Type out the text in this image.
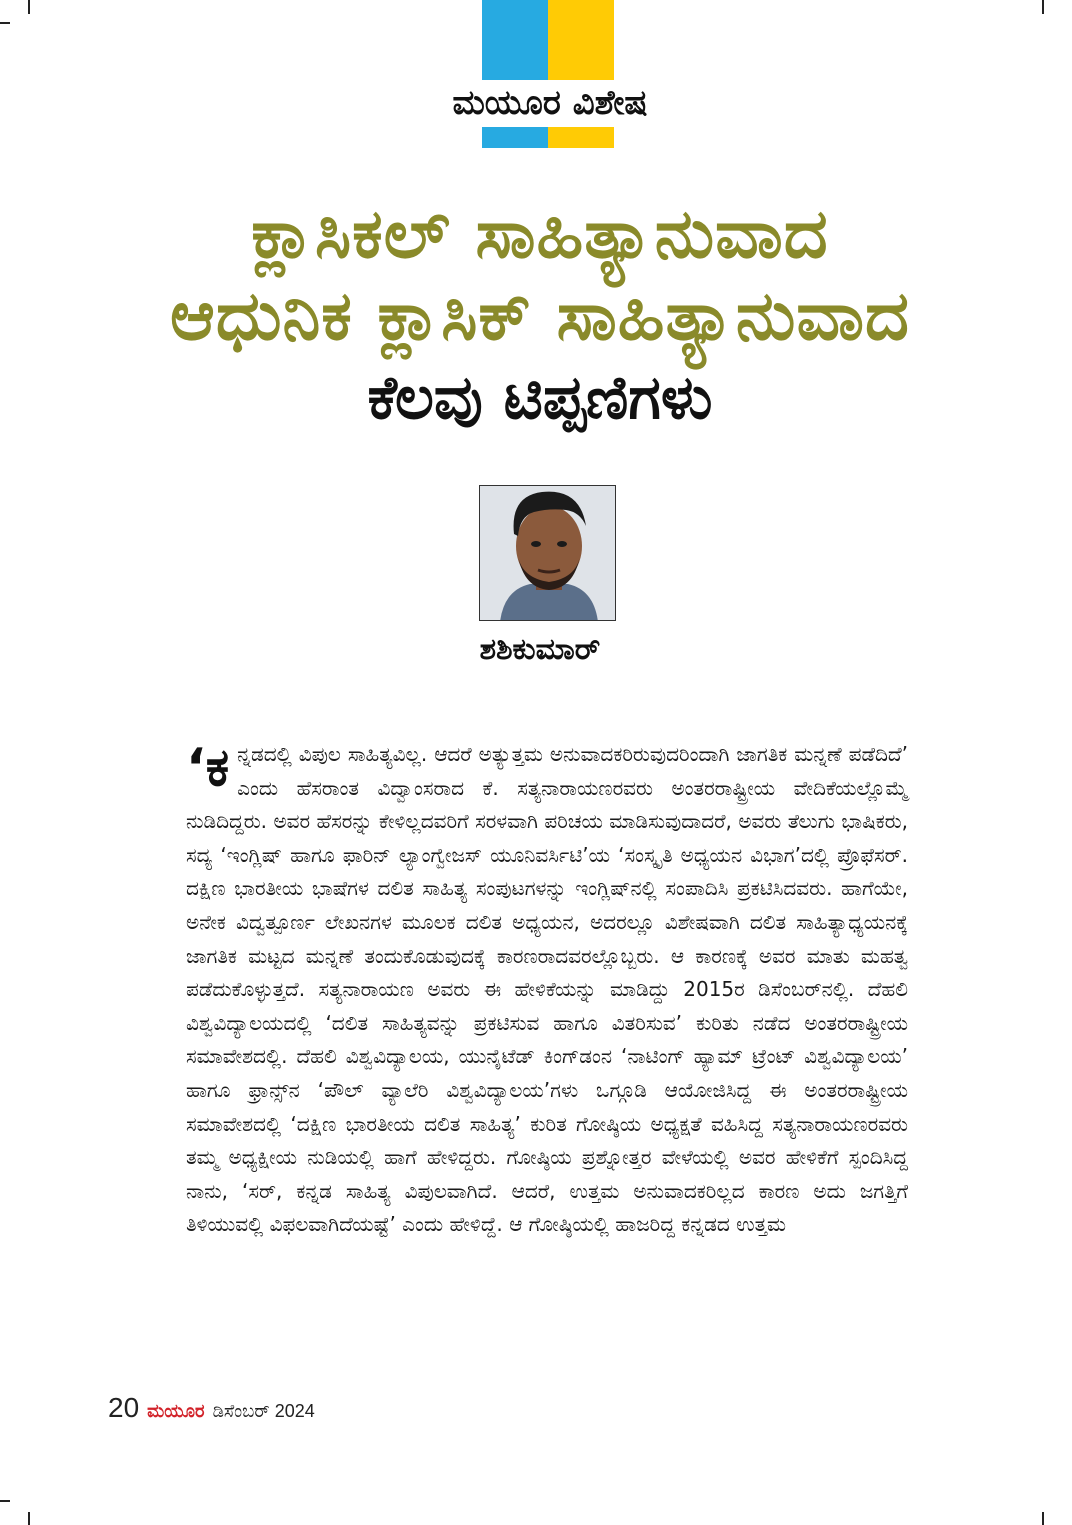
ಮಯೂರ ವಿಶೇಷ
ಕ್ಲಾಸಿಕಲ್ ಸಾಹಿತ್ಯಾನುವಾದ
ಆಧುನಿಕ ಕ್ಲಾಸಿಕ್ ಸಾಹಿತ್ಯಾನುವಾದ
ಕೆಲವು ಟಿಪ್ಪಣಿಗಳು
ಶಶಿಕುಮಾರ್
‘ಕ ನ್ನಡದಲ್ಲಿ ವಿಪುಲ ಸಾಹಿತ್ಯವಿಲ್ಲ. ಆದರೆ ಅತ್ಯುತ್ತಮ ಅನುವಾದಕರಿರುವುದರಿಂದಾಗಿ ಜಾಗತಿಕ ಮನ್ನಣೆ ಪಡೆದಿದೆ’ ಎಂದು ಹೆಸರಾಂತ ವಿದ್ವಾಂಸರಾದ ಕೆ. ಸತ್ಯನಾರಾಯಣರವರು ಅಂತರರಾಷ್ಟ್ರೀಯ ವೇದಿಕೆಯಲ್ಲೊಮ್ಮೆ ನುಡಿದಿದ್ದರು. ಅವರ ಹೆಸರನ್ನು ಕೇಳಿಲ್ಲದವರಿಗೆ ಸರಳವಾಗಿ ಪರಿಚಯ ಮಾಡಿಸುವುದಾದರೆ, ಅವರು ತೆಲುಗು ಭಾಷಿಕರು, ಸದ್ಯ ‘ಇಂಗ್ಲಿಷ್ ಹಾಗೂ ಫಾರಿನ್ ಲ್ಯಾಂಗ್ವೇಜಸ್ ಯೂನಿವರ್ಸಿಟಿ’ಯ ‘ಸಂಸ್ಕೃತಿ ಅಧ್ಯಯನ ವಿಭಾಗ’ದಲ್ಲಿ ಪ್ರೊಫೆಸರ್. ದಕ್ಷಿಣ ಭಾರತೀಯ ಭಾಷೆಗಳ ದಲಿತ ಸಾಹಿತ್ಯ ಸಂಪುಟಗಳನ್ನು ಇಂಗ್ಲಿಷ್‌ನಲ್ಲಿ ಸಂಪಾದಿಸಿ ಪ್ರಕಟಿಸಿದವರು. ಹಾಗೆಯೇ, ಅನೇಕ ವಿದ್ವತ್ಪೂರ್ಣ ಲೇಖನಗಳ ಮೂಲಕ ದಲಿತ ಅಧ್ಯಯನ, ಅದರಲ್ಲೂ ವಿಶೇಷವಾಗಿ ದಲಿತ ಸಾಹಿತ್ಯಾಧ್ಯಯನಕ್ಕೆ ಜಾಗತಿಕ ಮಟ್ಟದ ಮನ್ನಣೆ ತಂದುಕೊಡುವುದಕ್ಕೆ ಕಾರಣರಾದವರಲ್ಲೊಬ್ಬರು. ಆ ಕಾರಣಕ್ಕೆ ಅವರ ಮಾತು ಮಹತ್ವ ಪಡೆದುಕೊಳ್ಳುತ್ತದೆ. ಸತ್ಯನಾರಾಯಣ ಅವರು ಈ ಹೇಳಿಕೆಯನ್ನು ಮಾಡಿದ್ದು 2015ರ ಡಿಸೆಂಬರ್‌ನಲ್ಲಿ. ದೆಹಲಿ ವಿಶ್ವವಿದ್ಯಾಲಯದಲ್ಲಿ ‘ದಲಿತ ಸಾಹಿತ್ಯವನ್ನು ಪ್ರಕಟಿಸುವ ಹಾಗೂ ವಿತರಿಸುವ’ ಕುರಿತು ನಡೆದ ಅಂತರರಾಷ್ಟ್ರೀಯ ಸಮಾವೇಶದಲ್ಲಿ. ದೆಹಲಿ ವಿಶ್ವವಿದ್ಯಾಲಯ, ಯುನೈಟೆಡ್ ಕಿಂಗ್‌ಡಂನ ‘ನಾಟಿಂಗ್ ಹ್ಯಾಮ್ ಟ್ರೆಂಟ್ ವಿಶ್ವವಿದ್ಯಾಲಯ’ ಹಾಗೂ ಫ್ರಾನ್ಸ್‌ನ ‘ಪೌಲ್ ವ್ಯಾಲೆರಿ ವಿಶ್ವವಿದ್ಯಾಲಯ’ಗಳು ಒಗ್ಗೂಡಿ ಆಯೋಜಿಸಿದ್ದ ಈ ಅಂತರರಾಷ್ಟ್ರೀಯ ಸಮಾವೇಶದಲ್ಲಿ ‘ದಕ್ಷಿಣ ಭಾರತೀಯ ದಲಿತ ಸಾಹಿತ್ಯ’ ಕುರಿತ ಗೋಷ್ಠಿಯ ಅಧ್ಯಕ್ಷತೆ ವಹಿಸಿದ್ದ ಸತ್ಯನಾರಾಯಣರವರು ತಮ್ಮ ಅಧ್ಯಕ್ಷೀಯ ನುಡಿಯಲ್ಲಿ ಹಾಗೆ ಹೇಳಿದ್ದರು. ಗೋಷ್ಠಿಯ ಪ್ರಶ್ನೋತ್ತರ ವೇಳೆಯಲ್ಲಿ ಅವರ ಹೇಳಿಕೆಗೆ ಸ್ಪಂದಿಸಿದ್ದ ನಾನು, ‘ಸರ್, ಕನ್ನಡ ಸಾಹಿತ್ಯ ವಿಪುಲವಾಗಿದೆ. ಆದರೆ, ಉತ್ತಮ ಅನುವಾದಕರಿಲ್ಲದ ಕಾರಣ ಅದು ಜಗತ್ತಿಗೆ ತಿಳಿಯುವಲ್ಲಿ ವಿಫಲವಾಗಿದೆಯಷ್ಟೆ’ ಎಂದು ಹೇಳಿದ್ದೆ. ಆ ಗೋಷ್ಠಿಯಲ್ಲಿ ಹಾಜರಿದ್ದ ಕನ್ನಡದ ಉತ್ತಮ
20 ಮಯೂರ ಡಿಸೆಂಬರ್ 2024
